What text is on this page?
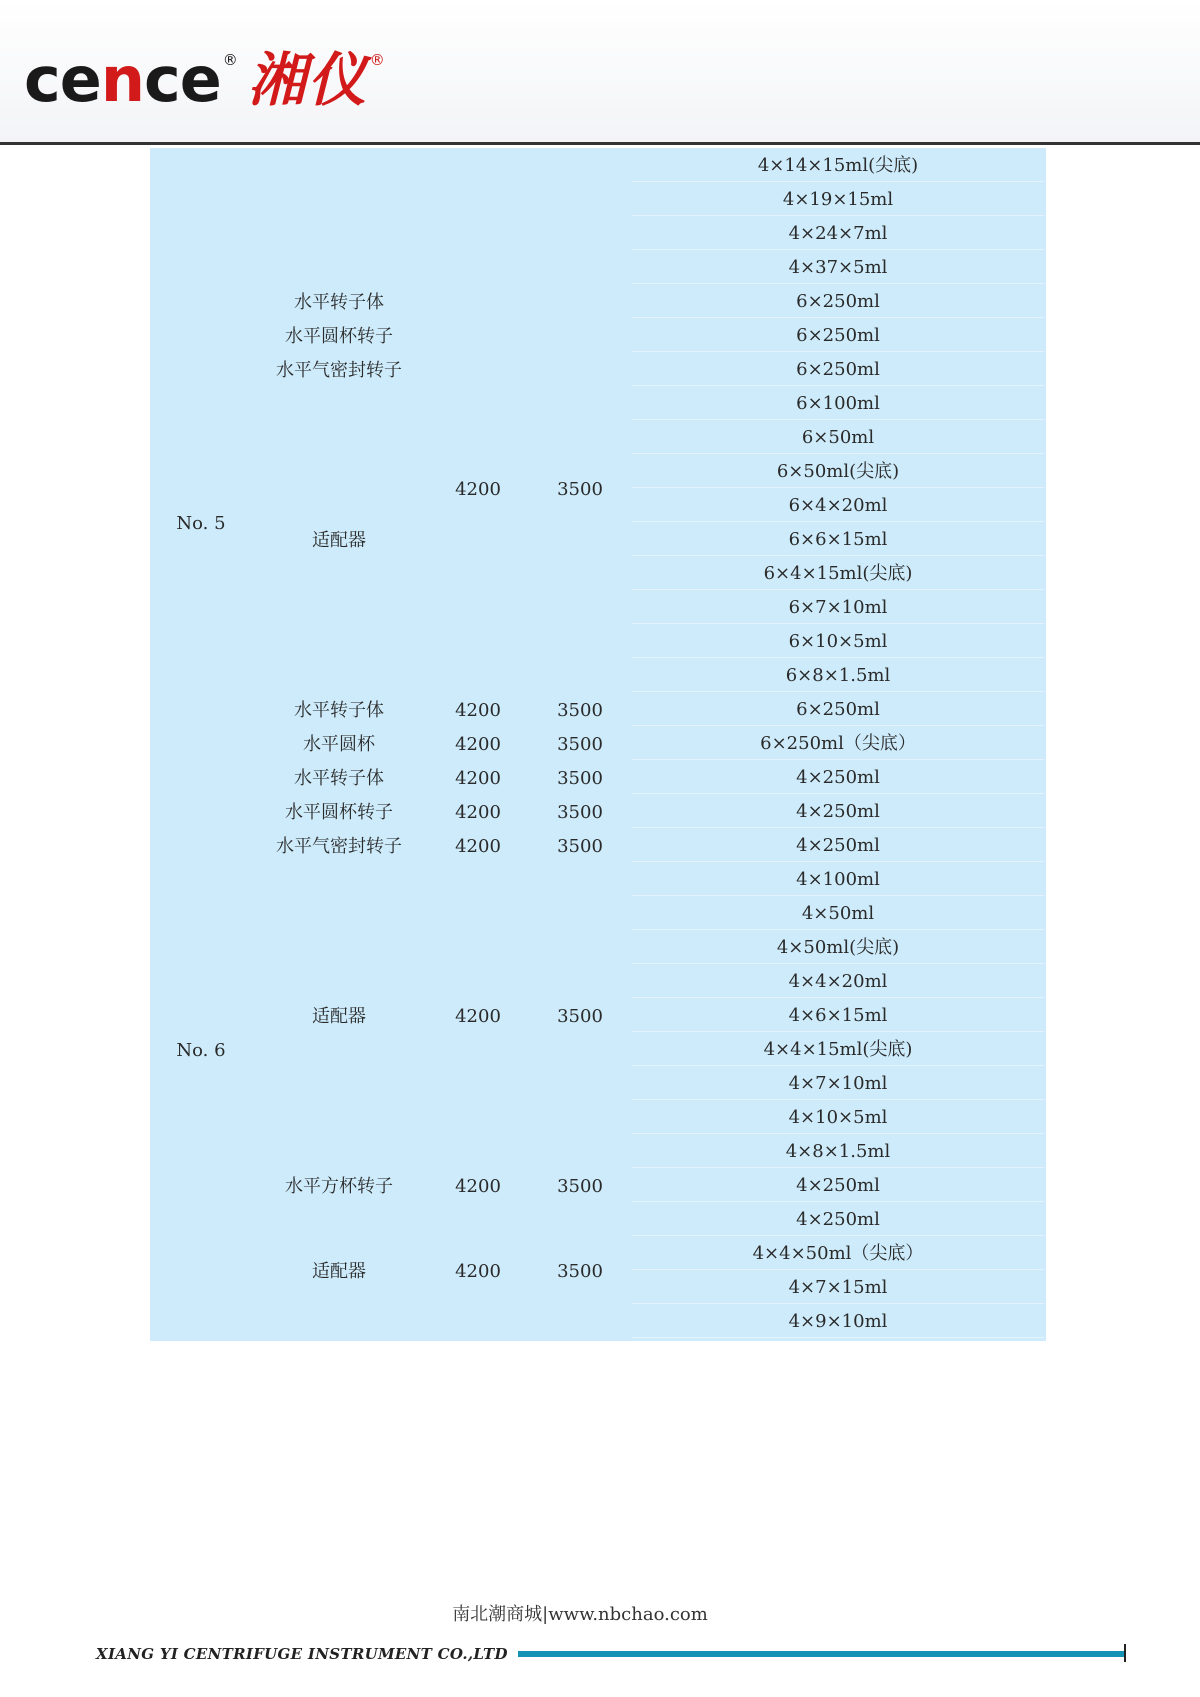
cence ® 湘仪 ®
				4×14×15ml(尖底)
				4×19×15ml
				4×24×7ml
				4×37×5ml
No. 5	水平转子体	4200	3500	6×250ml
	水平圆杯转子			6×250ml
	水平气密封转子			6×250ml
	适配器			6×100ml
				6×50ml
				6×50ml(尖底)
				6×4×20ml
				6×6×15ml
				6×4×15ml(尖底)
				6×7×10ml
				6×10×5ml
				6×8×1.5ml
	水平转子体	4200	3500	6×250ml
	水平圆杯	4200	3500	6×250ml（尖底）
No. 6	水平转子体	4200	3500	4×250ml
	水平圆杯转子	4200	3500	4×250ml
	水平气密封转子	4200	3500	4×250ml
	适配器	4200	3500	4×100ml
				4×50ml
				4×50ml(尖底)
				4×4×20ml
				4×6×15ml
				4×4×15ml(尖底)
				4×7×10ml
				4×10×5ml
				4×8×1.5ml
	水平方杯转子	4200	3500	4×250ml
	适配器	4200	3500	4×250ml
				4×4×50ml（尖底）
				4×7×15ml
				4×9×10ml
南北潮商城|www.nbchao.com
XIANG YI CENTRIFUGE INSTRUMENT CO.,LTD
